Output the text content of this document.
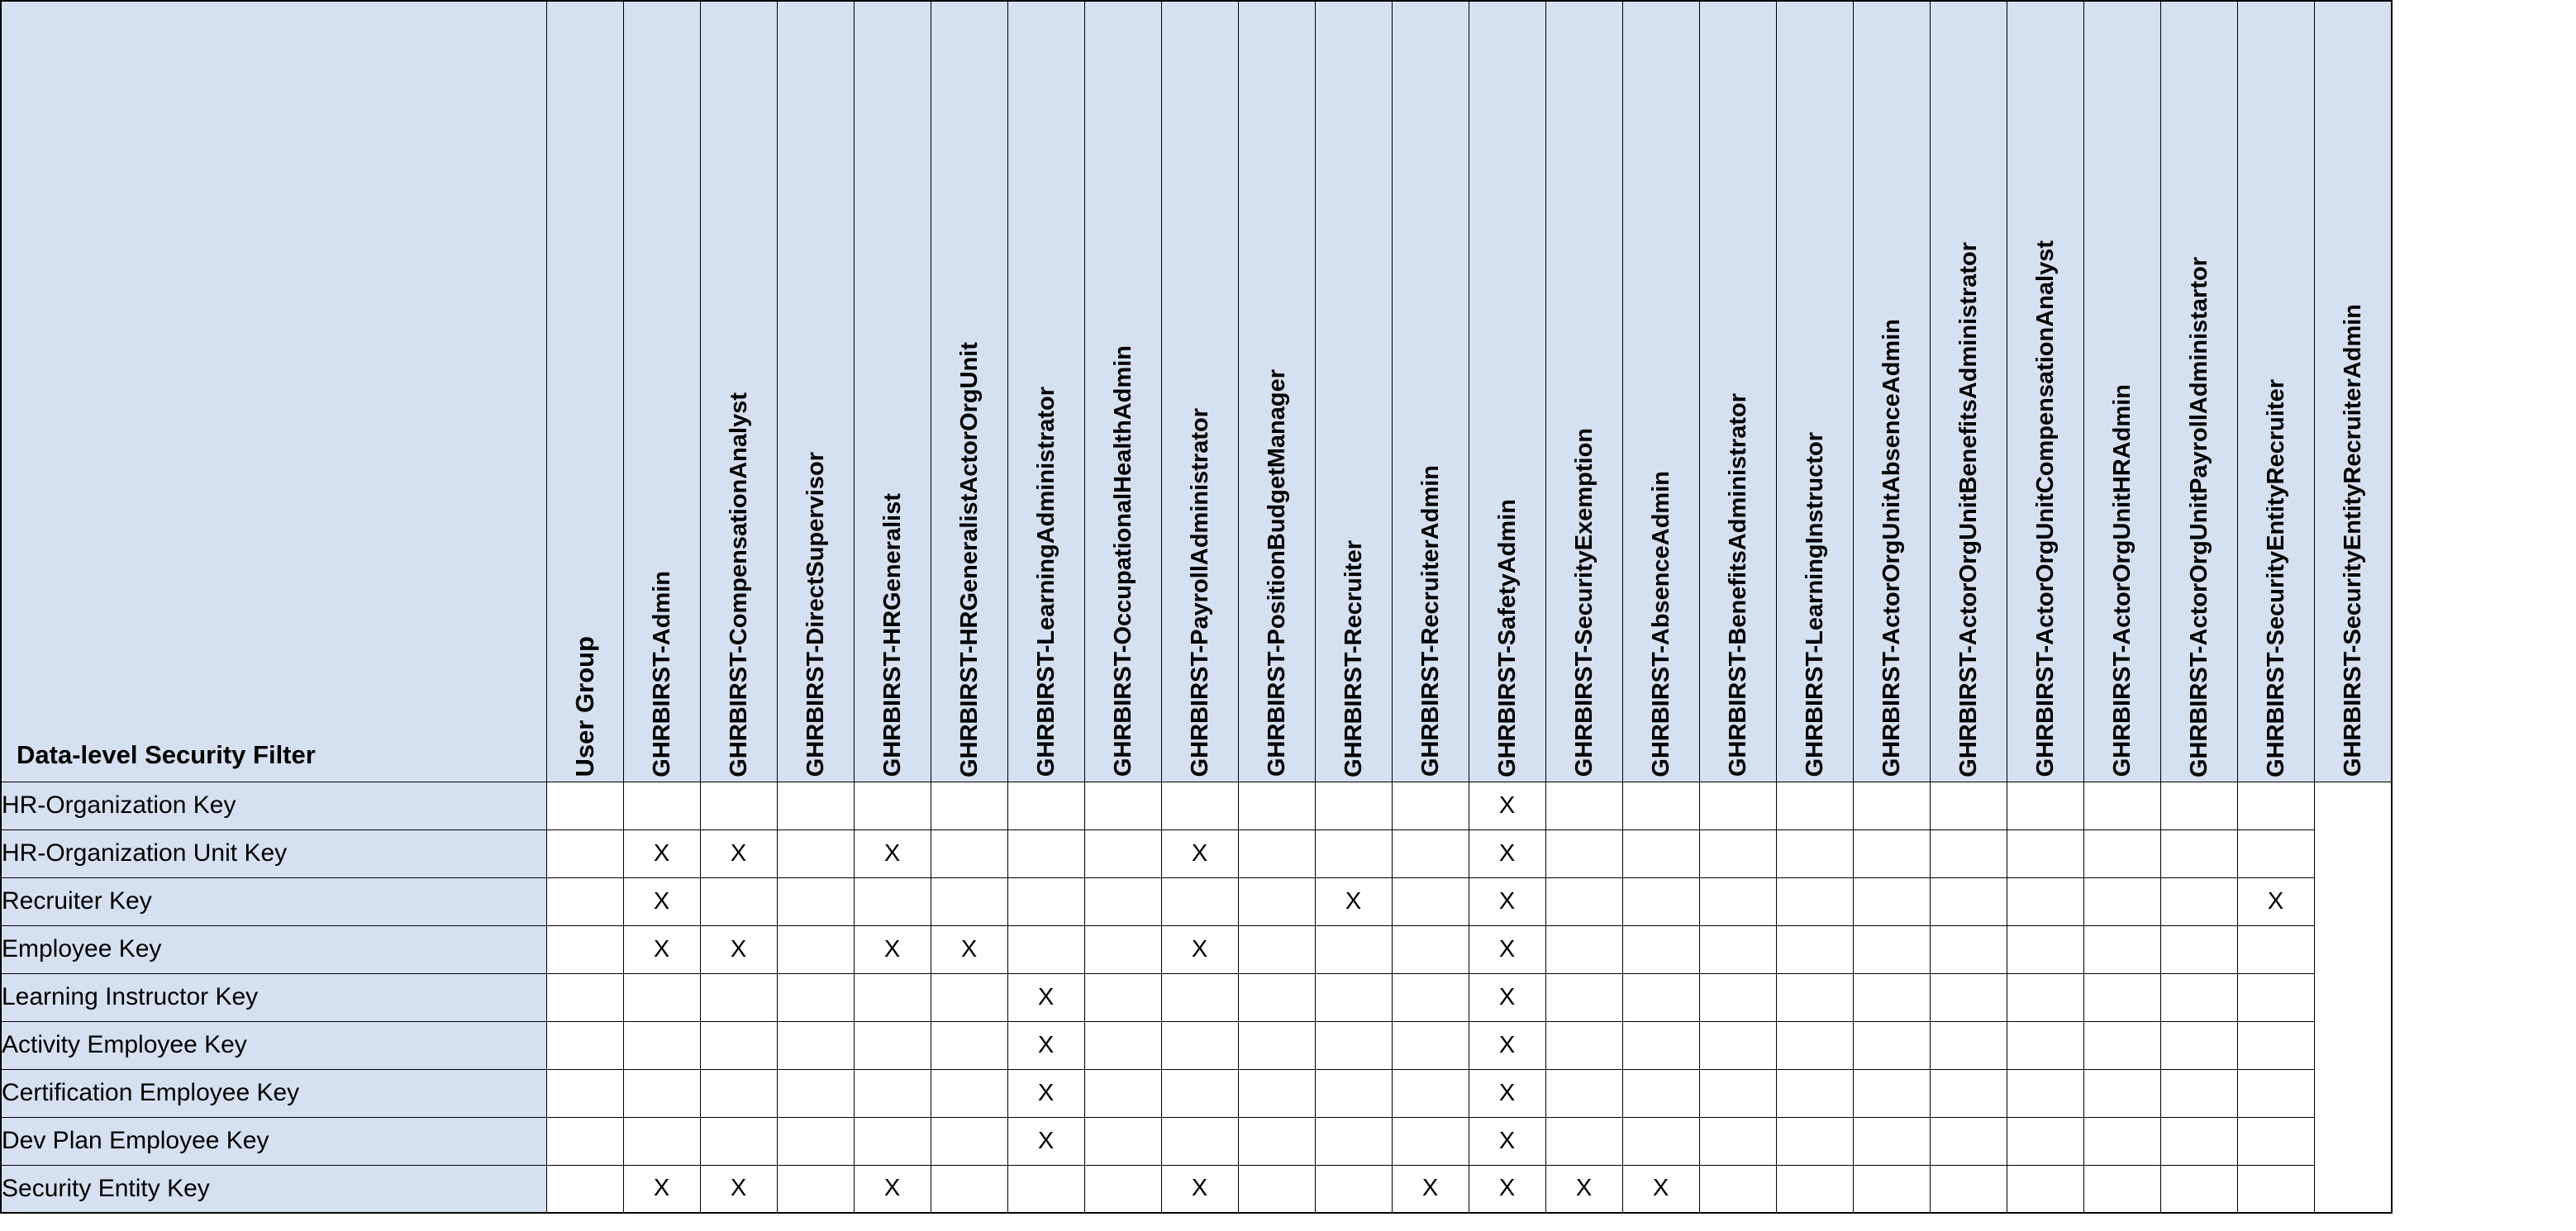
Data-level Security Filter	User Group	GHRBIRST-Admin	GHRBIRST-CompensationAnalyst	GHRBIRST-DirectSupervisor	GHRBIRST-HRGeneralist	GHRBIRST-HRGeneralistActorOrgUnit	GHRBIRST-LearningAdministrator	GHRBIRST-OccupationalHealthAdmin	GHRBIRST-PayrollAdministrator	GHRBIRST-PositionBudgetManager	GHRBIRST-Recruiter	GHRBIRST-RecruiterAdmin	GHRBIRST-SafetyAdmin	GHRBIRST-SecurityExemption	GHRBIRST-AbsenceAdmin	GHRBIRST-BenefitsAdministrator	GHRBIRST-LearningInstructor	GHRBIRST-ActorOrgUnitAbsenceAdmin	GHRBIRST-ActorOrgUnitBenefitsAdministrator	GHRBIRST-ActorOrgUnitCompensationAnalyst	GHRBIRST-ActorOrgUnitHRAdmin	GHRBIRST-ActorOrgUnitPayrollAdministartor	GHRBIRST-SecurityEntityRecruiter	GHRBIRST-SecurityEntityRecruiterAdmin
HR-Organization Key													X											
HR-Organization Unit Key		X	X		X				X				X											
Recruiter Key		X									X		X										X	
Employee Key		X	X		X	X			X				X											
Learning Instructor Key							X						X											
Activity Employee Key							X						X											
Certification Employee Key							X						X											
Dev Plan Employee Key							X						X											
Security Entity Key		X	X		X				X			X	X	X	X									
